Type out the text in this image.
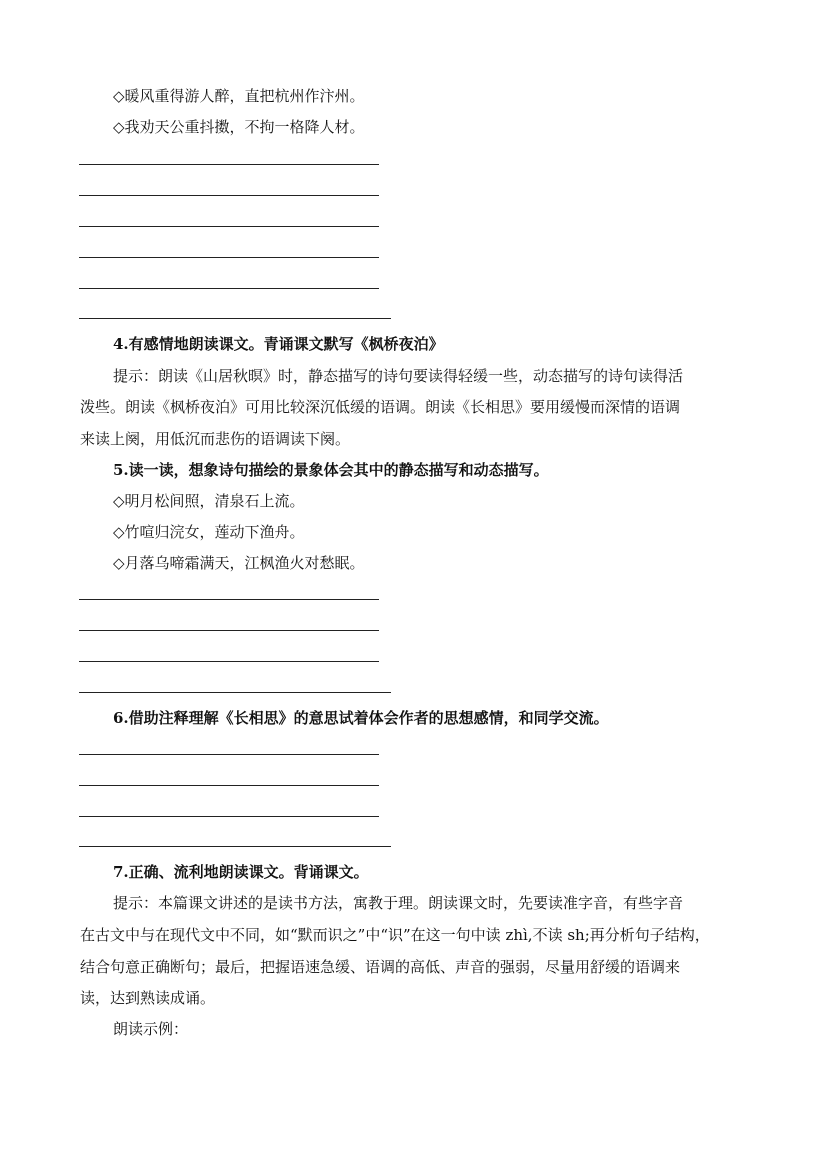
◇暖风重得游人醉，直把杭州作汴州。
◇我劝天公重抖擞，不拘一格降人材。
4.有感情地朗读课文。青诵课文默写《枫桥夜泊》
提示：朗读《山居秋暝》时，静态描写的诗句要读得轻缓一些，动态描写的诗句读得活
泼些。朗读《枫桥夜泊》可用比较深沉低缓的语调。朗读《长相思》要用缓慢而深情的语调
来读上阕，用低沉而悲伤的语调读下阕。
5.读一读，想象诗句描绘的景象体会其中的静态描写和动态描写。
◇明月松间照，清泉石上流。
◇竹喧归浣女，莲动下渔舟。
◇月落乌啼霜满天，江枫渔火对愁眠。
6.借助注释理解《长相思》的意思试着体会作者的思想感情，和同学交流。
7.正确、流利地朗读课文。背诵课文。
提示：本篇课文讲述的是读书方法，寓教于理。朗读课文时，先要读准字音，有些字音
在古文中与在现代文中不同，如“默而识之”中“识”在这一句中读 zhì,不读 sh;再分析句子结构，
结合句意正确断句；最后，把握语速急缓、语调的高低、声音的强弱，尽量用舒缓的语调来
读，达到熟读成诵。
朗读示例：
